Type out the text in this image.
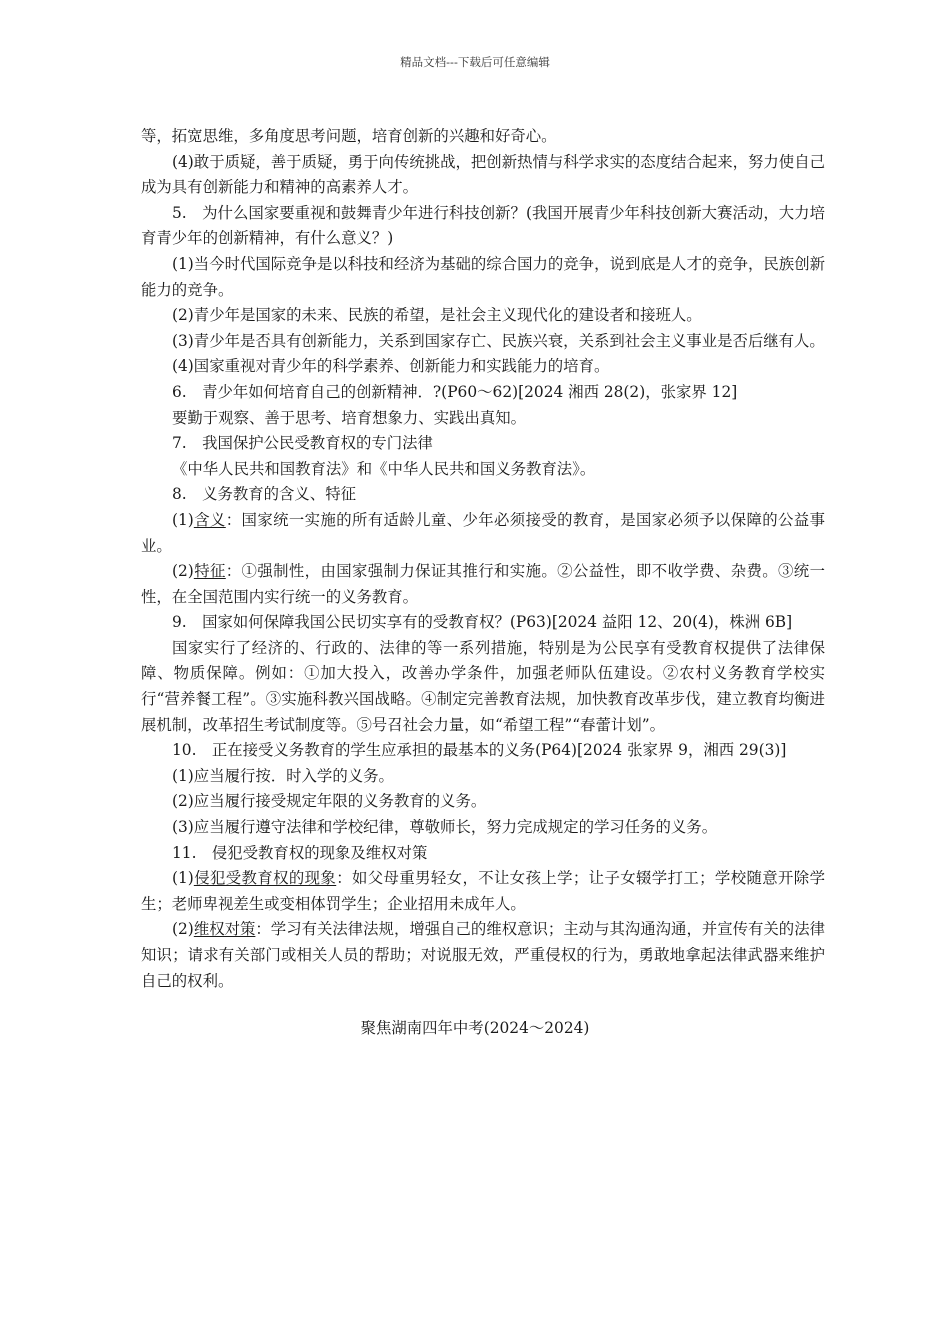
精品文档---下载后可任意编辑

等，拓宽思维，多角度思考问题，培育创新的兴趣和好奇心。

(4)敢于质疑，善于质疑，勇于向传统挑战，把创新热情与科学求实的态度结合起来，努力使自己成为具有创新能力和精神的高素养人才。

5.　为什么国家要重视和鼓舞青少年进行科技创新？(我国开展青少年科技创新大赛活动，大力培育青少年的创新精神，有什么意义？)

(1)当今时代国际竞争是以科技和经济为基础的综合国力的竞争，说到底是人才的竞争，民族创新能力的竞争。

(2)青少年是国家的未来、民族的希望，是社会主义现代化的建设者和接班人。

(3)青少年是否具有创新能力，关系到国家存亡、民族兴衰，关系到社会主义事业是否后继有人。

(4)国家重视对青少年的科学素养、创新能力和实践能力的培育。

6.　青少年如何培育自己的创新精神．?(P60～62)[2024 湘西 28(2)，张家界 12]

要勤于观察、善于思考、培育想象力、实践出真知。

7.　我国保护公民受教育权的专门法律

《中华人民共和国教育法》和《中华人民共和国义务教育法》。

8.　义务教育的含义、特征

(1)含义：国家统一实施的所有适龄儿童、少年必须接受的教育，是国家必须予以保障的公益事业。

(2)特征：①强制性，由国家强制力保证其推行和实施。②公益性，即不收学费、杂费。③统一性，在全国范围内实行统一的义务教育。

9.　国家如何保障我国公民切实享有的受教育权？(P63)[2024 益阳 12、20(4)，株洲 6B]

国家实行了经济的、行政的、法律的等一系列措施，特别是为公民享有受教育权提供了法律保障、物质保障。例如：①加大投入，改善办学条件，加强老师队伍建设。②农村义务教育学校实行“营养餐工程”。③实施科教兴国战略。④制定完善教育法规，加快教育改革步伐，建立教育均衡进展机制，改革招生考试制度等。⑤号召社会力量，如“希望工程”“春蕾计划”。

10.　正在接受义务教育的学生应承担的最基本的义务(P64)[2024 张家界 9，湘西 29(3)]

(1)应当履行按．时入学的义务。

(2)应当履行接受规定年限的义务教育的义务。

(3)应当履行遵守法律和学校纪律，尊敬师长，努力完成规定的学习任务的义务。

11.　侵犯受教育权的现象及维权对策

(1)侵犯受教育权的现象：如父母重男轻女，不让女孩上学；让子女辍学打工；学校随意开除学生；老师卑视差生或变相体罚学生；企业招用未成年人。

(2)维权对策：学习有关法律法规，增强自己的维权意识；主动与其沟通沟通，并宣传有关的法律知识；请求有关部门或相关人员的帮助；对说服无效，严重侵权的行为，勇敢地拿起法律武器来维护自己的权利。

聚焦湖南四年中考(2024～2024)
